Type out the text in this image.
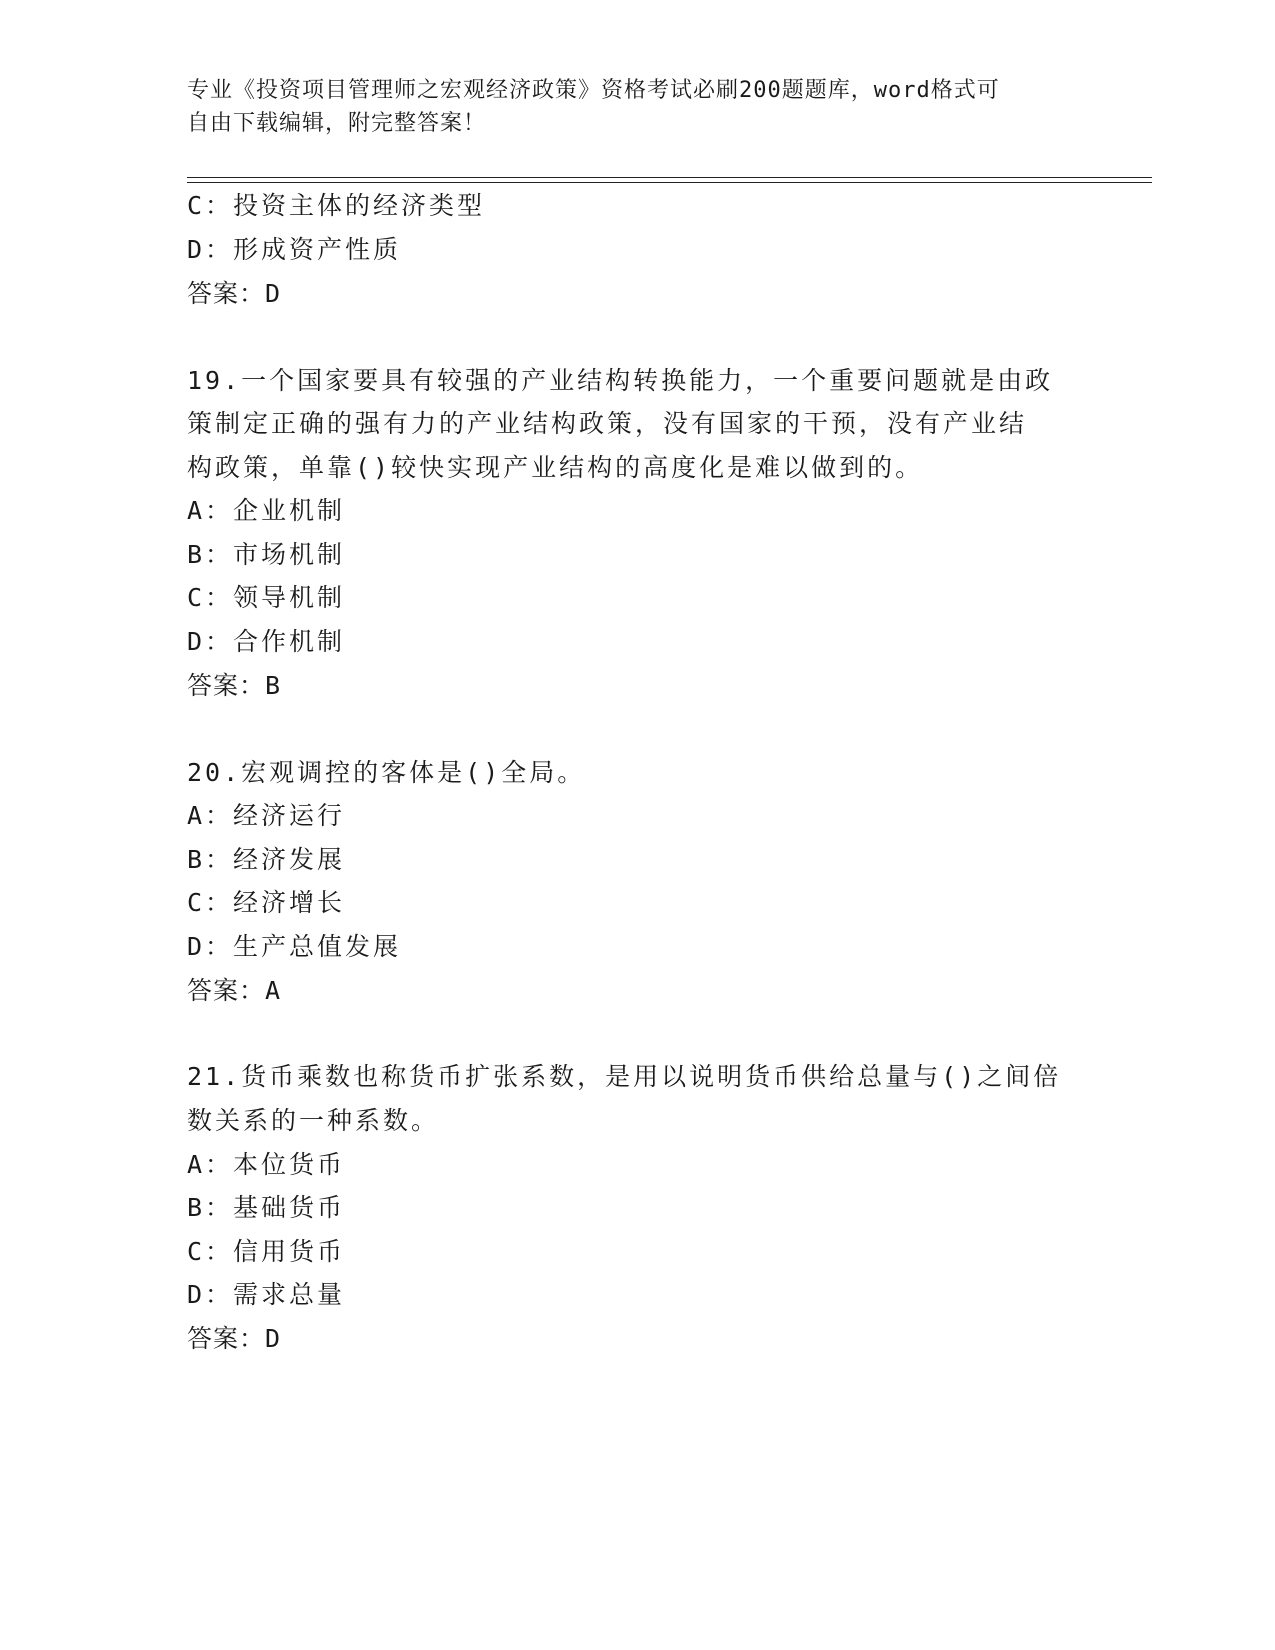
专业《投资项目管理师之宏观经济政策》资格考试必刷200题题库，word格式可
自由下载编辑，附完整答案！
C：投资主体的经济类型
D：形成资产性质
答案：D
19.一个国家要具有较强的产业结构转换能力，一个重要问题就是由政
策制定正确的强有力的产业结构政策，没有国家的干预，没有产业结
构政策，单靠()较快实现产业结构的高度化是难以做到的。
A：企业机制
B：市场机制
C：领导机制
D：合作机制
答案：B
20.宏观调控的客体是()全局。
A：经济运行
B：经济发展
C：经济增长
D：生产总值发展
答案：A
21.货币乘数也称货币扩张系数，是用以说明货币供给总量与()之间倍
数关系的一种系数。
A：本位货币
B：基础货币
C：信用货币
D：需求总量
答案：D
